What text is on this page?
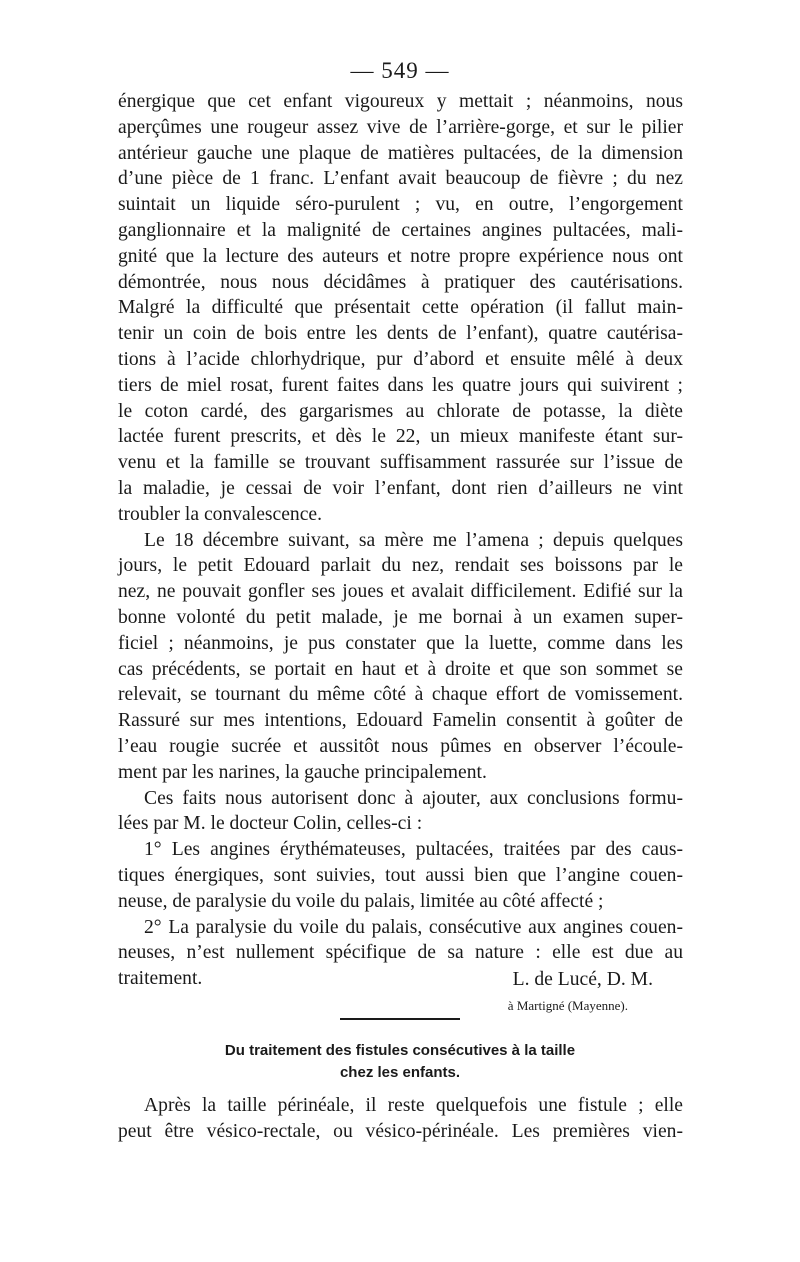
— 549 —

énergique que cet enfant vigoureux y mettait ; néanmoins, nous
aperçûmes une rougeur assez vive de l’arrière-gorge, et sur le pilier
antérieur gauche une plaque de matières pultacées, de la dimension
d’une pièce de 1 franc. L’enfant avait beaucoup de fièvre ; du nez
suintait un liquide séro-purulent ; vu, en outre, l’engorgement
ganglionnaire et la malignité de certaines angines pultacées, mali-
gnité que la lecture des auteurs et notre propre expérience nous ont
démontrée, nous nous décidâmes à pratiquer des cautérisations.
Malgré la difficulté que présentait cette opération (il fallut main-
tenir un coin de bois entre les dents de l’enfant), quatre cautérisa-
tions à l’acide chlorhydrique, pur d’abord et ensuite mêlé à deux
tiers de miel rosat, furent faites dans les quatre jours qui suivirent ;
le coton cardé, des gargarismes au chlorate de potasse, la diète
lactée furent prescrits, et dès le 22, un mieux manifeste étant sur-
venu et la famille se trouvant suffisamment rassurée sur l’issue de
la maladie, je cessai de voir l’enfant, dont rien d’ailleurs ne vint
troubler la convalescence.

Le 18 décembre suivant, sa mère me l’amena ; depuis quelques
jours, le petit Edouard parlait du nez, rendait ses boissons par le
nez, ne pouvait gonfler ses joues et avalait difficilement. Edifié sur la
bonne volonté du petit malade, je me bornai à un examen super-
ficiel ; néanmoins, je pus constater que la luette, comme dans les
cas précédents, se portait en haut et à droite et que son sommet se
relevait, se tournant du même côté à chaque effort de vomissement.
Rassuré sur mes intentions, Edouard Famelin consentit à goûter de
l’eau rougie sucrée et aussitôt nous pûmes en observer l’écoule-
ment par les narines, la gauche principalement.

Ces faits nous autorisent donc à ajouter, aux conclusions formu-
lées par M. le docteur Colin, celles-ci :

1° Les angines érythémateuses, pultacées, traitées par des caus-
tiques énergiques, sont suivies, tout aussi bien que l’angine couen-
neuse, de paralysie du voile du palais, limitée au côté affecté ;

2° La paralysie du voile du palais, consécutive aux angines couen-
neuses, n’est nullement spécifique de sa nature : elle est due au
traitement.	L. de Lucé, D. M.
à Martigné (Mayenne).
Du traitement des fistules consécutives à la taille
chez les enfants.
Après la taille périnéale, il reste quelquefois une fistule ; elle
peut être vésico-rectale, ou vésico-périnéale. Les premières vien-
